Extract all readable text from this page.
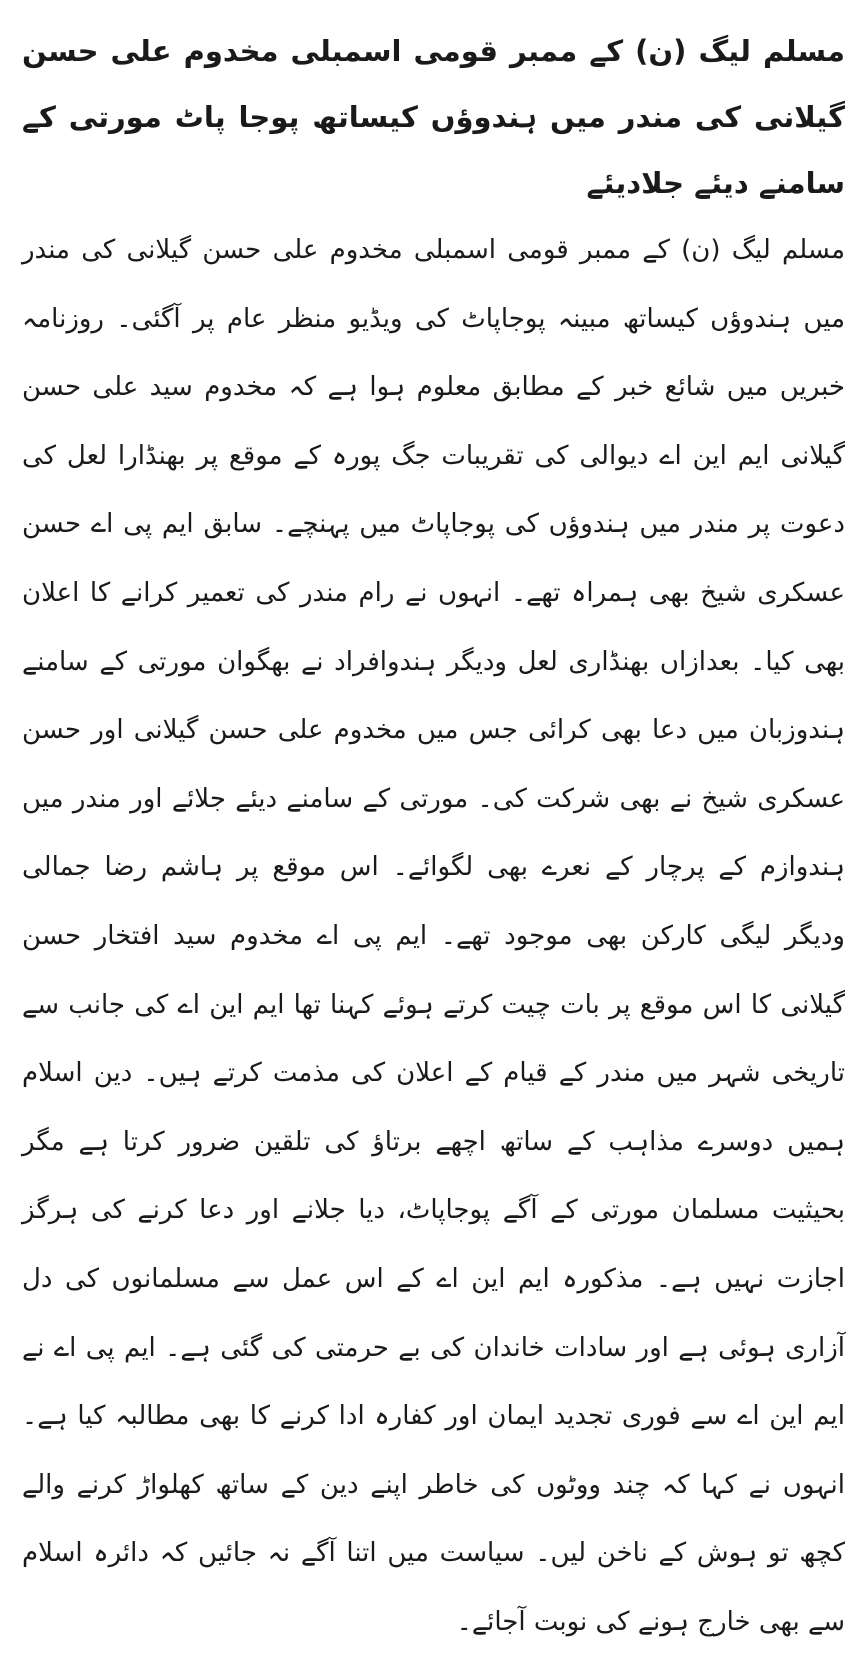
مسلم لیگ (ن) کے ممبر قومی اسمبلی مخدوم علی حسن گیلانی کی مندر میں ہندوؤں کیساتھ پوجا پاٹ مورتی کے سامنے دیئے جلادیئے

مسلم لیگ (ن) کے ممبر قومی اسمبلی مخدوم علی حسن گیلانی کی مندر میں ہندوؤں کیساتھ مبینہ پوجاپاٹ کی ویڈیو منظر عام پر آگئی۔ روزنامہ خبریں میں شائع خبر کے مطابق معلوم ہوا ہے کہ مخدوم سید علی حسن گیلانی ایم این اے دیوالی کی تقریبات جگ پورہ کے موقع پر بھنڈارا لعل کی دعوت پر مندر میں ہندوؤں کی پوجاپاٹ میں پہنچے۔ سابق ایم پی اے حسن عسکری شیخ بھی ہمراہ تھے۔ انہوں نے رام مندر کی تعمیر کرانے کا اعلان بھی کیا۔ بعدازاں بھنڈاری لعل ودیگر ہندوافراد نے بھگوان مورتی کے سامنے ہندوزبان میں دعا بھی کرائی جس میں مخدوم علی حسن گیلانی اور حسن عسکری شیخ نے بھی شرکت کی۔ مورتی کے سامنے دیئے جلائے اور مندر میں ہندوازم کے پرچار کے نعرے بھی لگوائے۔ اس موقع پر ہاشم رضا جمالی ودیگر لیگی کارکن بھی موجود تھے۔ ایم پی اے مخدوم سید افتخار حسن گیلانی کا اس موقع پر بات چیت کرتے ہوئے کہنا تھا ایم این اے کی جانب سے تاریخی شہر میں مندر کے قیام کے اعلان کی مذمت کرتے ہیں۔ دین اسلام ہمیں دوسرے مذاہب کے ساتھ اچھے برتاؤ کی تلقین ضرور کرتا ہے مگر بحیثیت مسلمان مورتی کے آگے پوجاپاٹ، دیا جلانے اور دعا کرنے کی ہرگز اجازت نہیں ہے۔ مذکورہ ایم این اے کے اس عمل سے مسلمانوں کی دل آزاری ہوئی ہے اور سادات خاندان کی بے حرمتی کی گئی ہے۔ ایم پی اے نے ایم این اے سے فوری تجدید ایمان اور کفارہ ادا کرنے کا بھی مطالبہ کیا ہے۔ انہوں نے کہا کہ چند ووٹوں کی خاطر اپنے دین کے ساتھ کھلواڑ کرنے والے کچھ تو ہوش کے ناخن لیں۔ سیاست میں اتنا آگے نہ جائیں کہ دائرہ اسلام سے بھی خارج ہونے کی نوبت آجائے۔
